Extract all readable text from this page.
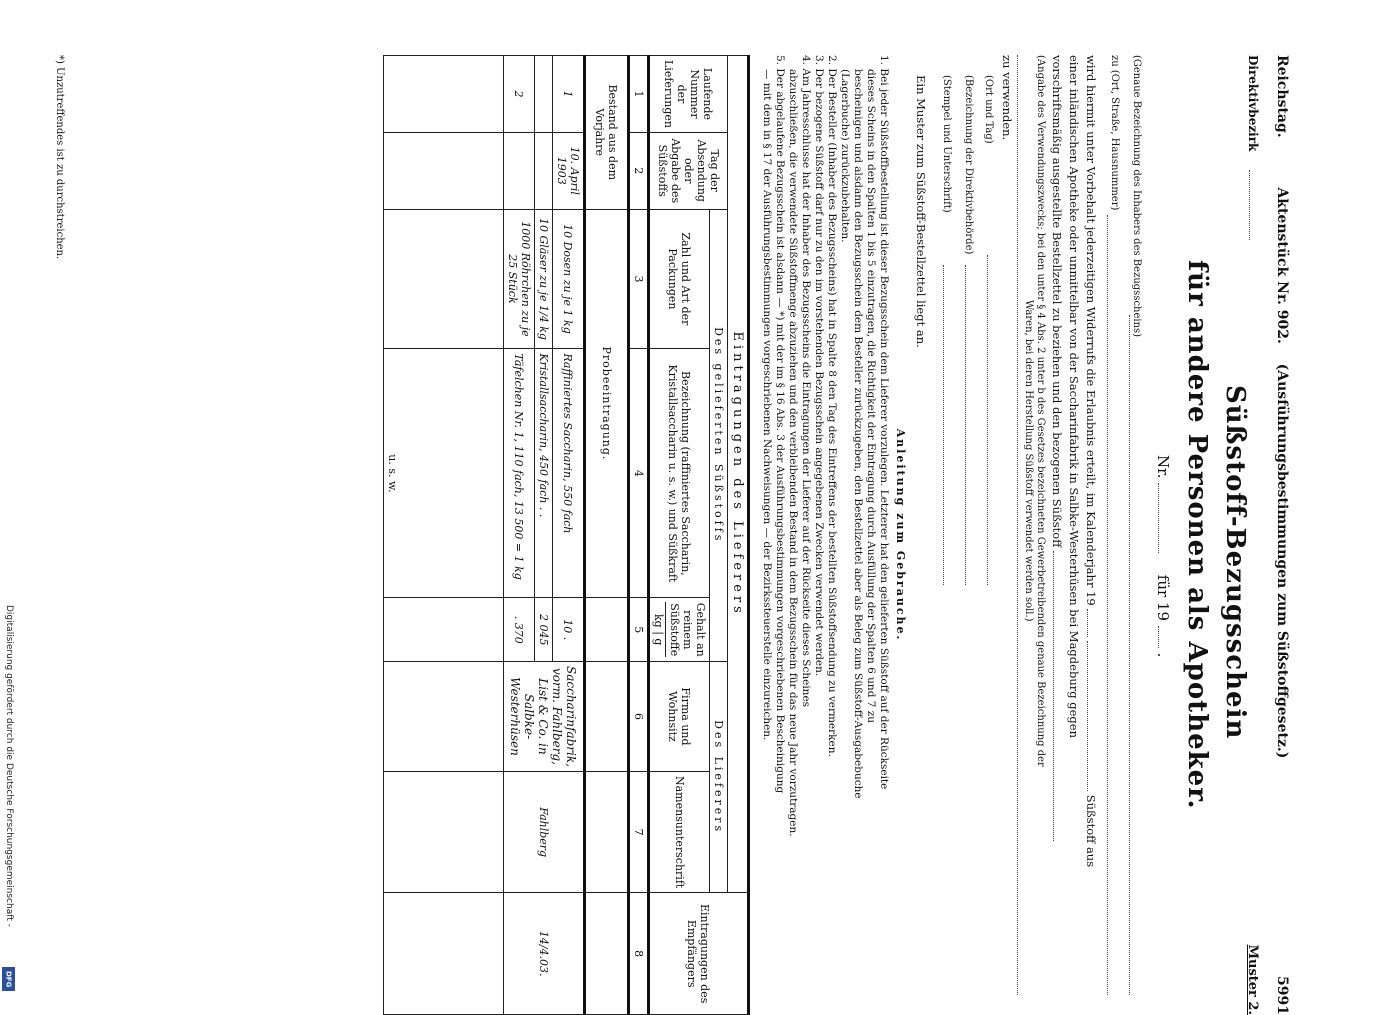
Reichstag.  Aktenstück Nr. 902.  (Ausführungsbestimmungen zum Süßstoffgesetz.)
5991
Direktivbezirk
Muster 2.
Süßstoff-Bezugsschein
für andere Personen als Apotheker.
Nr.   für 19  .
(Genaue Bezeichnung des Inhabers des Bezugsscheins)
zu (Ort, Straße, Hausnummer)
wird hiermit unter Vorbehalt jederzeitigen Widerrufs die Erlaubnis erteilt, im Kalenderjahr 19   Süßstoff aus
einer inländischen Apotheke oder unmittelbar von der Saccharinfabrik in Salbke-Westerhüsen bei Magdeburg gegen
vorschriftsmäßig ausgestellte Bestellzettel zu beziehen und den bezogenen Süßstoff
(Angabe des Verwendungszwecks; bei den unter § 4 Abs. 2 unter b des Gesetzes bezeichneten Gewerbetreibenden genaue Bezeichnung der
Waren, bei deren Herstellung Süßstoff verwendet werden soll.)
zu verwenden.
(Ort und Tag)
(Bezeichnung der Direktivbehörde)
(Stempel und Unterschrift)
Ein Muster zum Süßstoff-Bestellzettel liegt an.
Anleitung zum Gebrauche.
1. Bei jeder Süßstoffbestellung ist dieser Bezugsschein dem Lieferer vorzulegen. Letzterer hat den gelieferten Süßstoff auf der Rückseite
dieses Scheins in den Spalten 1 bis 5 einzutragen, die Richtigkeit der Eintragung durch Ausfüllung der Spalten 6 und 7 zu
bescheinigen und alsdann den Bezugsschein dem Besteller zurückzugeben, den Bestellzettel aber als Beleg zum Süßstoff-Ausgabebuche
(Lagerbuche) zurückzubehalten.
2. Der Besteller (Inhaber des Bezugsscheins) hat in Spalte 8 den Tag des Eintreffens der bestellten Süßstoffsendung zu vermerken.
3. Der bezogene Süßstoff darf nur zu den im vorstehenden Bezugsschein angegebenen Zwecken verwendet werden.
4. Am Jahresschlusse hat der Inhaber des Bezugsscheins die Eintragungen der Lieferer auf der Rückseite dieses Scheines
abzuschließen, die verwendete Süßstoffmenge abzuziehen und den verbleibenden Bestand in dem Bezugsschein für das neue Jahr vorzutragen.
5. Der abgelaufene Bezugsschein ist alsdann — *) mit der im § 16 Abs. 3 der Ausführungsbestimmungen vorgeschriebenen Bescheinigung
— mit dem in § 17 der Ausführungsbestimmungen vorgeschriebenen Nachweisungen — der Bezirkssteuerstelle einzureichen.
Eintragungen des Lieferers							Eintragungen des Empfängers
Laufende Nummer der Lieferungen	Tag der Absendung oder Abgabe des Süßstoffs	Des gelieferten Süßstoffs			Des Lieferers		
		Zahl und Art der Packungen	Bezeichnung (raffiniertes Saccharin, Kristallsaccharin u. s. w.) und Süßkraft	Gehalt an reinem Süßstoffe
kg | g	Firma und Wohnsitz	Namensunterschrift	
1	2	3	4	5	6	7	8
Bestand aus dem Vorjahre		Probeeintragung.					
1	10. April 1903	10 Dosen zu je 1 kg	Raffiniertes Saccharin, 550 fach	10 .	Saccharinfabrik, vorm. Fahlberg, List & Co. in Salbke-Westerhüsen	Fahlberg	14/4.03.
		10 Gläser zu je 1/4 kg	Kristallsaccharin, 450 fach . .	2 045			
2		1000 Röhrchen zu je 25 Stück	Täfelchen Nr. 1, 110 fach, 13 500 = 1 kg	. 370			
			u. s. w.				
*) Unzutreffendes ist zu durchstreichen.
Digitalisierung gefördert durch die Deutsche Forschungsgemeinschaft -
DFG
